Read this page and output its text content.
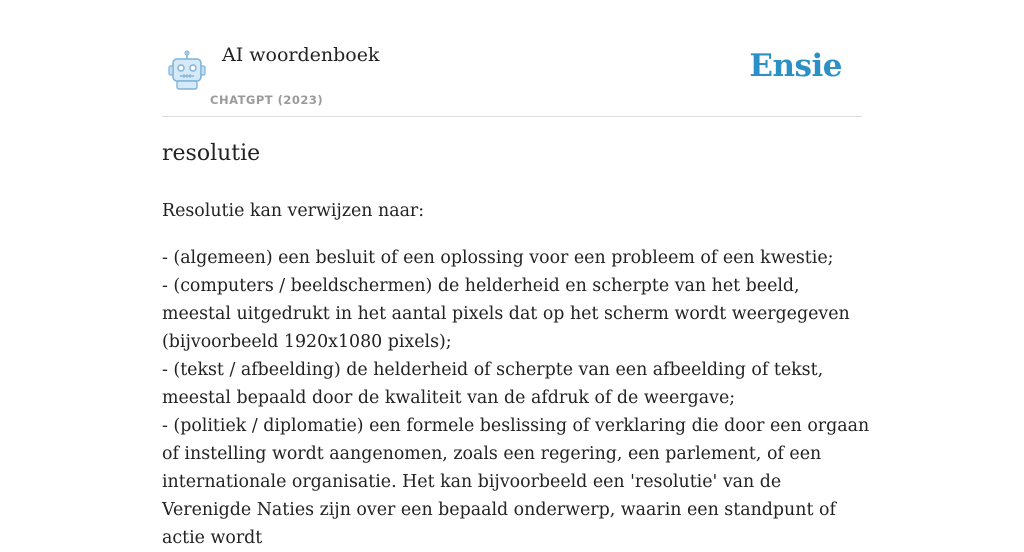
AI woordenboek
CHATGPT (2023)
Ensie
resolutie

Resolutie kan verwijzen naar:

- (algemeen) een besluit of een oplossing voor een probleem of een kwestie;
- (computers / beeldschermen) de helderheid en scherpte van het beeld, meestal uitgedrukt in het aantal pixels dat op het scherm wordt weergegeven (bijvoorbeeld 1920x1080 pixels);
- (tekst / afbeelding) de helderheid of scherpte van een afbeelding of tekst, meestal bepaald door de kwaliteit van de afdruk of de weergave;
- (politiek / diplomatie) een formele beslissing of verklaring die door een orgaan of instelling wordt aangenomen, zoals een regering, een parlement, of een internationale organisatie. Het kan bijvoorbeeld een 'resolutie' van de Verenigde Naties zijn over een bepaald onderwerp, waarin een standpunt of actie wordt
